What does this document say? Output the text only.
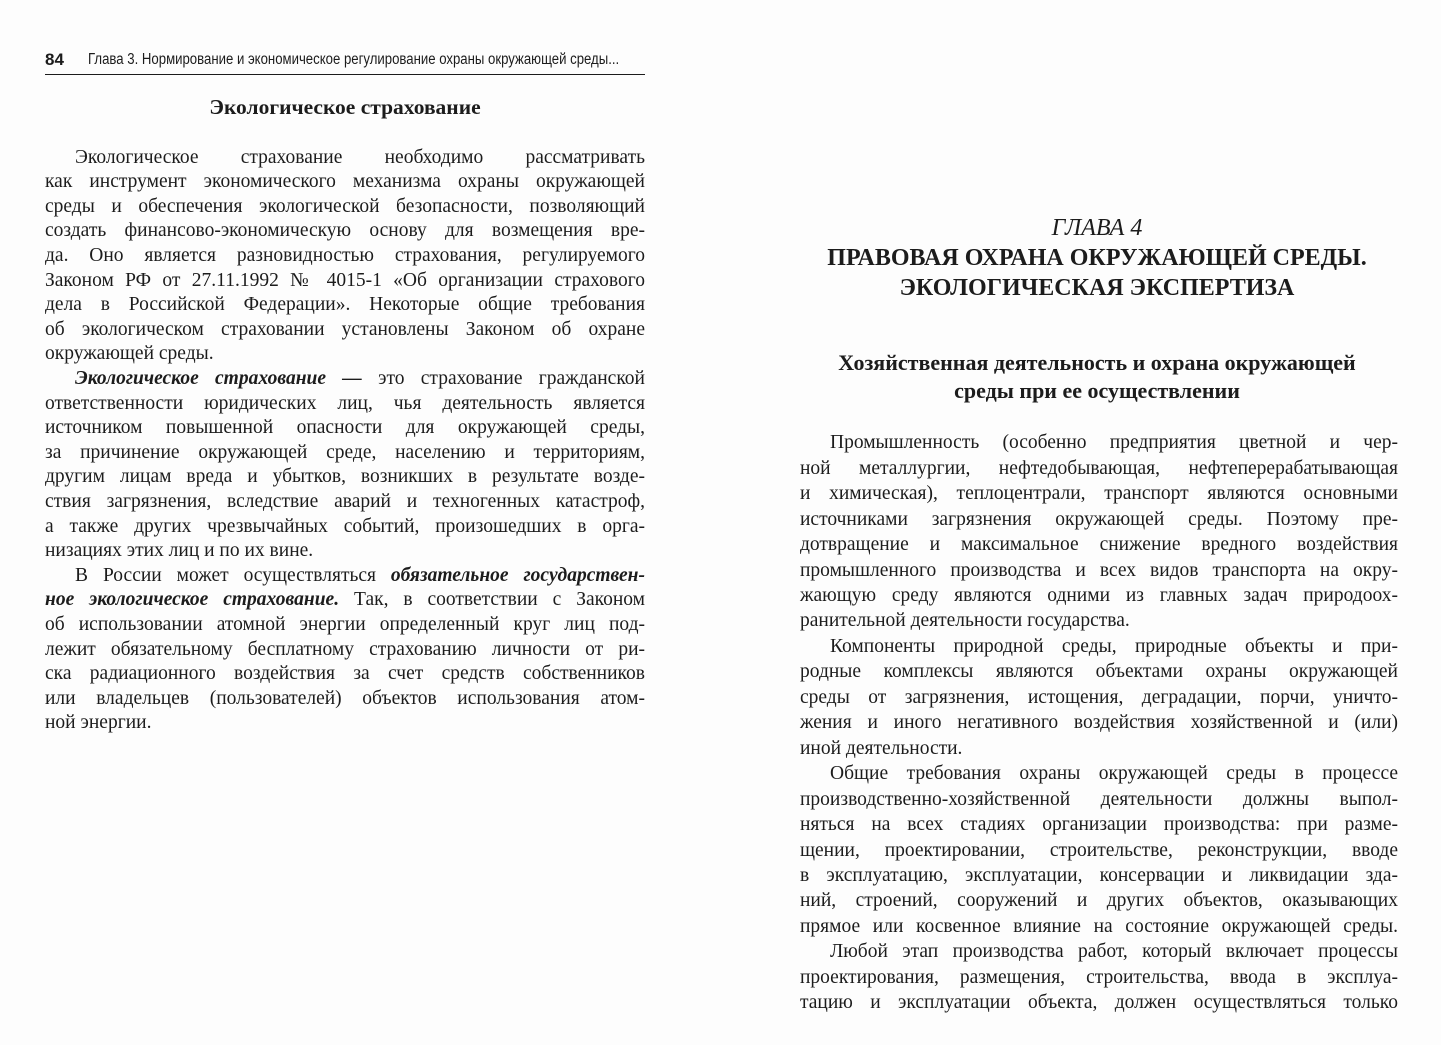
84 Глава 3. Нормирование и экономическое регулирование охраны окружающей среды...
Экологическое страхование
Экологическое страхование необходимо рассматривать
как инструмент экономического механизма охраны окружающей
среды и обеспечения экологической безопасности, позволяющий
создать финансово-экономическую основу для возмещения вре-
да. Оно является разновидностью страхования, регулируемого
Законом РФ от 27.11.1992 № 4015-1 «Об организации страхового
дела в Российской Федерации». Некоторые общие требования
об экологическом страховании установлены Законом об охране
окружающей среды.
Экологическое страхование — это страхование гражданской
ответственности юридических лиц, чья деятельность является
источником повышенной опасности для окружающей среды,
за причинение окружающей среде, населению и территориям,
другим лицам вреда и убытков, возникших в результате возде-
ствия загрязнения, вследствие аварий и техногенных катастроф,
а также других чрезвычайных событий, произошедших в орга-
низациях этих лиц и по их вине.
В России может осуществляться обязательное государствен-
ное экологическое страхование. Так, в соответствии с Законом
об использовании атомной энергии определенный круг лиц под-
лежит обязательному бесплатному страхованию личности от ри-
ска радиационного воздействия за счет средств собственников
или владельцев (пользователей) объектов использования атом-
ной энергии.
ГЛАВА 4
ПРАВОВАЯ ОХРАНА ОКРУЖАЮЩЕЙ СРЕДЫ.
ЭКОЛОГИЧЕСКАЯ ЭКСПЕРТИЗА
Хозяйственная деятельность и охрана окружающей
среды при ее осуществлении
Промышленность (особенно предприятия цветной и чер-
ной металлургии, нефтедобывающая, нефтеперерабатывающая
и химическая), теплоцентрали, транспорт являются основными
источниками загрязнения окружающей среды. Поэтому пре-
дотвращение и максимальное снижение вредного воздействия
промышленного производства и всех видов транспорта на окру-
жающую среду являются одними из главных задач природоох-
ранительной деятельности государства.
Компоненты природной среды, природные объекты и при-
родные комплексы являются объектами охраны окружающей
среды от загрязнения, истощения, деградации, порчи, уничто-
жения и иного негативного воздействия хозяйственной и (или)
иной деятельности.
Общие требования охраны окружающей среды в процессе
производственно-хозяйственной деятельности должны выпол-
няться на всех стадиях организации производства: при разме-
щении, проектировании, строительстве, реконструкции, вводе
в эксплуатацию, эксплуатации, консервации и ликвидации зда-
ний, строений, сооружений и других объектов, оказывающих
прямое или косвенное влияние на состояние окружающей среды.
Любой этап производства работ, который включает процессы
проектирования, размещения, строительства, ввода в эксплуа-
тацию и эксплуатации объекта, должен осуществляться только
